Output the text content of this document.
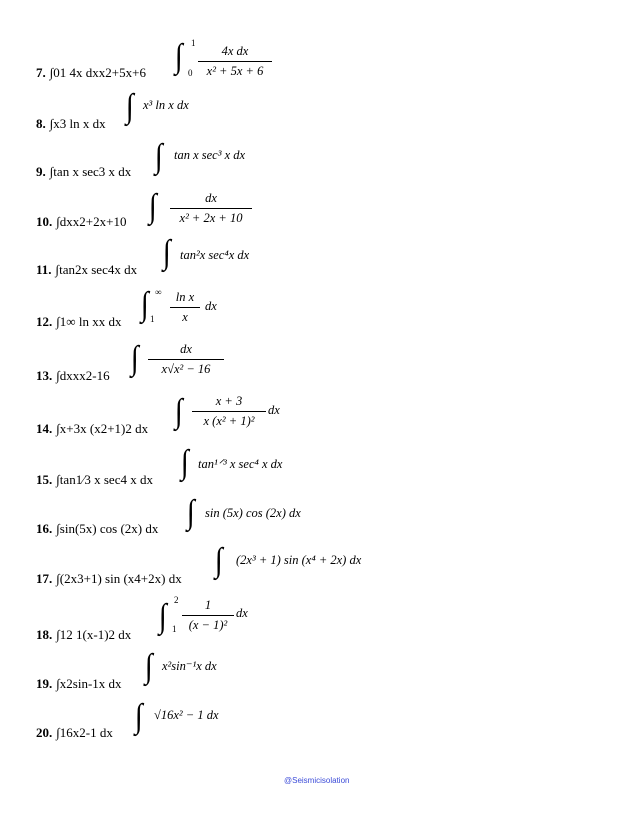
7. ∫01 4x dxx2+5x+6 ∫ 1
0
4x dx
x² + 5x + 6
8. ∫x3 ln x dx ∫ x³ ln x dx
9. ∫tan x sec3 x dx ∫ tan x sec³ x dx
10. ∫dxx2+2x+10 ∫	dx
x² + 2x + 10
11. ∫tan2x sec4x dx ∫ tan²x sec⁴x dx
12. ∫1∞ ln xx dx ∫ ∞
1
ln x
x
dx
13. ∫dxxx2-16 ∫	dx
x√x² − 16
14. ∫x+3x (x2+1)2 dx ∫	x + 3
x (x² + 1)²
dx
15. ∫tan1⁄3 x sec4 x dx ∫ tan¹ᐟ³ x sec⁴ x dx
16. ∫sin(5x) cos (2x) dx ∫ sin (5x) cos (2x) dx
17. ∫(2x3+1) sin (x4+2x) dx ∫ (2x³ + 1) sin (x⁴ + 2x) dx
18. ∫12 1(x-1)2 dx ∫ 2
1
1
(x − 1)²
dx
19. ∫x2sin-1x dx ∫ x²sin⁻¹x dx
20. ∫16x2-1 dx ∫ √16x² − 1 dx
@Seismicisolation
